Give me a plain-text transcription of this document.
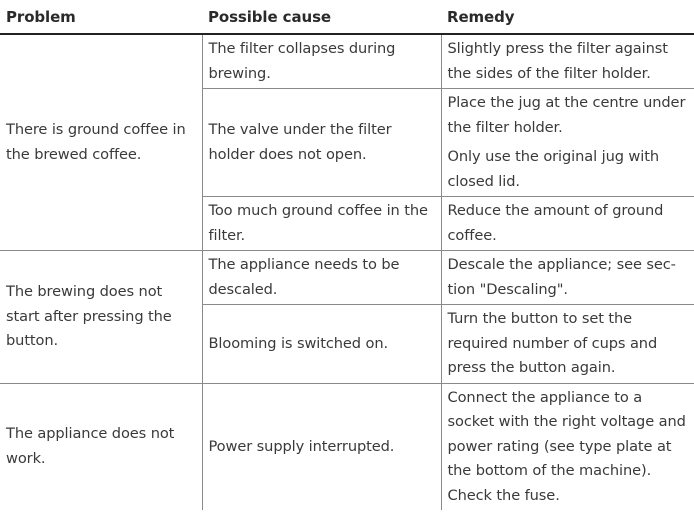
Problem	Possible cause	Remedy
There is ground coffee in the brewed coffee.	The filter collapses during brewing.	Slightly press the filter against the sides of the filter holder.

	The valve under the filter holder does not open.	Place the jug at the centre under the filter holder.
Only use the original jug with closed lid.

	Too much ground coffee in the filter.	Reduce the amount of ground coffee.

The brewing does not start after pressing the button.	The appliance needs to be descaled.	Descale the appliance; see sec-tion "Descaling".

	Blooming is switched on.	Turn the button to set the required number of cups and press the button again.

The appliance does not work.	Power supply interrupted.	Connect the appliance to a socket with the right voltage and power rating (see type plate at the bottom of the machine). Check the fuse.
